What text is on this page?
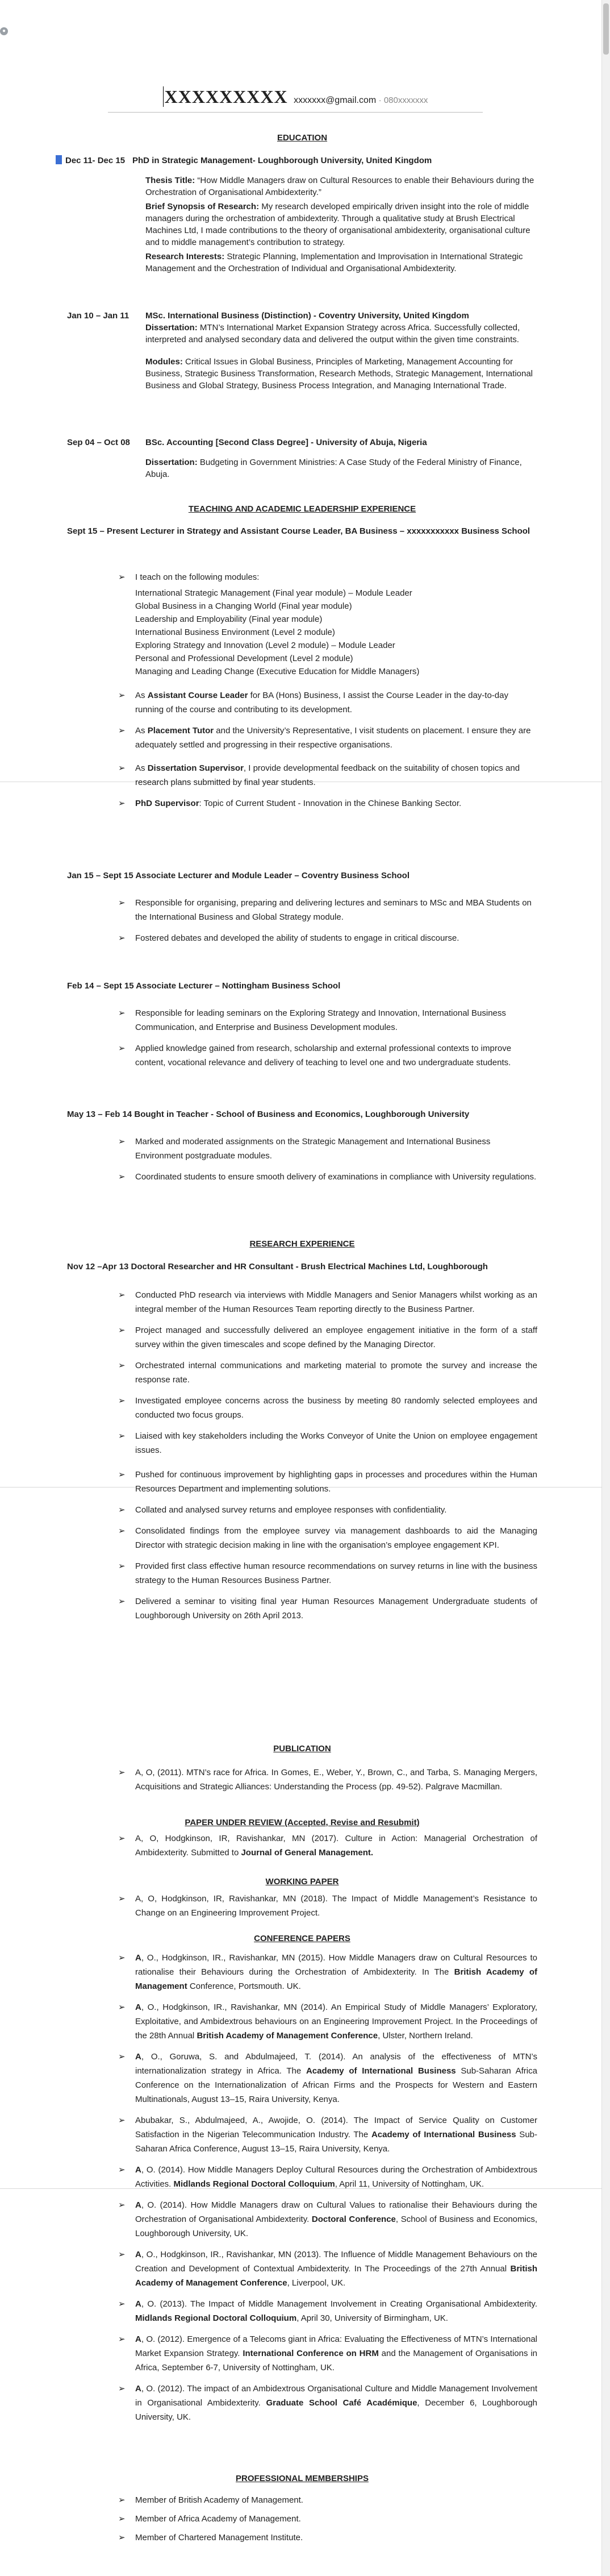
●
XXXXXXXXX xxxxxxx@gmail.com · 080xxxxxxx
EDUCATION
Dec 11- Dec 15 PhD in Strategic Management- Loughborough University, United Kingdom
Thesis Title: “How Middle Managers draw on Cultural Resources to enable their Behaviours during the Orchestration of Organisational Ambidexterity.”
Brief Synopsis of Research: My research developed empirically driven insight into the role of middle managers during the orchestration of ambidexterity. Through a qualitative study at Brush Electrical Machines Ltd, I made contributions to the theory of organisational ambidexterity, organisational culture and to middle management’s contribution to strategy.
Research Interests: Strategic Planning, Implementation and Improvisation in International Strategic Management and the Orchestration of Individual and Organisational Ambidexterity.
Jan 10 – Jan 11 MSc. International Business (Distinction) - Coventry University, United Kingdom
Dissertation: MTN’s International Market Expansion Strategy across Africa. Successfully collected, interpreted and analysed secondary data and delivered the output within the given time constraints.
Modules: Critical Issues in Global Business, Principles of Marketing, Management Accounting for Business, Strategic Business Transformation, Research Methods, Strategic Management, International Business and Global Strategy, Business Process Integration, and Managing International Trade.
Sep 04 – Oct 08 BSc. Accounting [Second Class Degree] - University of Abuja, Nigeria
Dissertation: Budgeting in Government Ministries: A Case Study of the Federal Ministry of Finance, Abuja.
TEACHING AND ACADEMIC LEADERSHIP EXPERIENCE
Sept 15 – Present Lecturer in Strategy and Assistant Course Leader, BA Business – xxxxxxxxxxx Business School
➢ I teach on the following modules:
International Strategic Management (Final year module) – Module Leader
Global Business in a Changing World (Final year module)
Leadership and Employability (Final year module)
International Business Environment (Level 2 module)
Exploring Strategy and Innovation (Level 2 module) – Module Leader
Personal and Professional Development (Level 2 module)
Managing and Leading Change (Executive Education for Middle Managers)
➢ As Assistant Course Leader for BA (Hons) Business, I assist the Course Leader in the day-to-day running of the course and contributing to its development.
➢ As Placement Tutor and the University’s Representative, I visit students on placement. I ensure they are adequately settled and progressing in their respective organisations.
➢ As Dissertation Supervisor, I provide developmental feedback on the suitability of chosen topics and research plans submitted by final year students.
➢ PhD Supervisor: Topic of Current Student - Innovation in the Chinese Banking Sector.
Jan 15 – Sept 15 Associate Lecturer and Module Leader – Coventry Business School
➢ Responsible for organising, preparing and delivering lectures and seminars to MSc and MBA Students on the International Business and Global Strategy module.
➢ Fostered debates and developed the ability of students to engage in critical discourse.
Feb 14 – Sept 15 Associate Lecturer – Nottingham Business School
➢ Responsible for leading seminars on the Exploring Strategy and Innovation, International Business Communication, and Enterprise and Business Development modules.
➢ Applied knowledge gained from research, scholarship and external professional contexts to improve content, vocational relevance and delivery of teaching to level one and two undergraduate students.
May 13 – Feb 14 Bought in Teacher - School of Business and Economics, Loughborough University
➢ Marked and moderated assignments on the Strategic Management and International Business Environment postgraduate modules.
➢ Coordinated students to ensure smooth delivery of examinations in compliance with University regulations.
RESEARCH EXPERIENCE
Nov 12 –Apr 13 Doctoral Researcher and HR Consultant - Brush Electrical Machines Ltd, Loughborough
➢ Conducted PhD research via interviews with Middle Managers and Senior Managers whilst working as an integral member of the Human Resources Team reporting directly to the Business Partner.
➢ Project managed and successfully delivered an employee engagement initiative in the form of a staff survey within the given timescales and scope defined by the Managing Director.
➢ Orchestrated internal communications and marketing material to promote the survey and increase the response rate.
➢ Investigated employee concerns across the business by meeting 80 randomly selected employees and conducted two focus groups.
➢ Liaised with key stakeholders including the Works Conveyor of Unite the Union on employee engagement issues.
➢ Pushed for continuous improvement by highlighting gaps in processes and procedures within the Human Resources Department and implementing solutions.
➢ Collated and analysed survey returns and employee responses with confidentiality.
➢ Consolidated findings from the employee survey via management dashboards to aid the Managing Director with strategic decision making in line with the organisation’s employee engagement KPI.
➢ Provided first class effective human resource recommendations on survey returns in line with the business strategy to the Human Resources Business Partner.
➢ Delivered a seminar to visiting final year Human Resources Management Undergraduate students of Loughborough University on 26th April 2013.
PUBLICATION
➢ A, O, (2011). MTN’s race for Africa. In Gomes, E., Weber, Y., Brown, C., and Tarba, S. Managing Mergers, Acquisitions and Strategic Alliances: Understanding the Process (pp. 49-52). Palgrave Macmillan.
PAPER UNDER REVIEW (Accepted, Revise and Resubmit)
➢ A, O, Hodgkinson, IR, Ravishankar, MN (2017). Culture in Action: Managerial Orchestration of Ambidexterity. Submitted to Journal of General Management.
WORKING PAPER
➢ A, O, Hodgkinson, IR, Ravishankar, MN (2018). The Impact of Middle Management’s Resistance to Change on an Engineering Improvement Project.
CONFERENCE PAPERS
➢ A, O., Hodgkinson, IR., Ravishankar, MN (2015). How Middle Managers draw on Cultural Resources to rationalise their Behaviours during the Orchestration of Ambidexterity. In The British Academy of Management Conference, Portsmouth. UK.
➢ A, O., Hodgkinson, IR., Ravishankar, MN (2014). An Empirical Study of Middle Managers’ Exploratory, Exploitative, and Ambidextrous behaviours on an Engineering Improvement Project. In the Proceedings of the 28th Annual British Academy of Management Conference, Ulster, Northern Ireland.
➢ A, O., Goruwa, S. and Abdulmajeed, T. (2014). An analysis of the effectiveness of MTN’s internationalization strategy in Africa. The Academy of International Business Sub-Saharan Africa Conference on the Internationalization of African Firms and the Prospects for Western and Eastern Multinationals, August 13–15, Raira University, Kenya.
➢ Abubakar, S., Abdulmajeed, A., Awojide, O. (2014). The Impact of Service Quality on Customer Satisfaction in the Nigerian Telecommunication Industry. The Academy of International Business Sub-Saharan Africa Conference, August 13–15, Raira University, Kenya.
➢ A, O. (2014). How Middle Managers Deploy Cultural Resources during the Orchestration of Ambidextrous Activities. Midlands Regional Doctoral Colloquium, April 11, University of Nottingham, UK.
➢ A, O. (2014). How Middle Managers draw on Cultural Values to rationalise their Behaviours during the Orchestration of Organisational Ambidexterity. Doctoral Conference, School of Business and Economics, Loughborough University, UK.
➢ A, O., Hodgkinson, IR., Ravishankar, MN (2013). The Influence of Middle Management Behaviours on the Creation and Development of Contextual Ambidexterity. In The Proceedings of the 27th Annual British Academy of Management Conference, Liverpool, UK.
➢ A, O. (2013). The Impact of Middle Management Involvement in Creating Organisational Ambidexterity. Midlands Regional Doctoral Colloquium, April 30, University of Birmingham, UK.
➢ A, O. (2012). Emergence of a Telecoms giant in Africa: Evaluating the Effectiveness of MTN’s International Market Expansion Strategy. International Conference on HRM and the Management of Organisations in Africa, September 6-7, University of Nottingham, UK.
➢ A, O. (2012). The impact of an Ambidextrous Organisational Culture and Middle Management Involvement in Organisational Ambidexterity. Graduate School Café Académique, December 6, Loughborough University, UK.
PROFESSIONAL MEMBERSHIPS
➢ Member of British Academy of Management.
➢ Member of Africa Academy of Management.
➢ Member of Chartered Management Institute.
